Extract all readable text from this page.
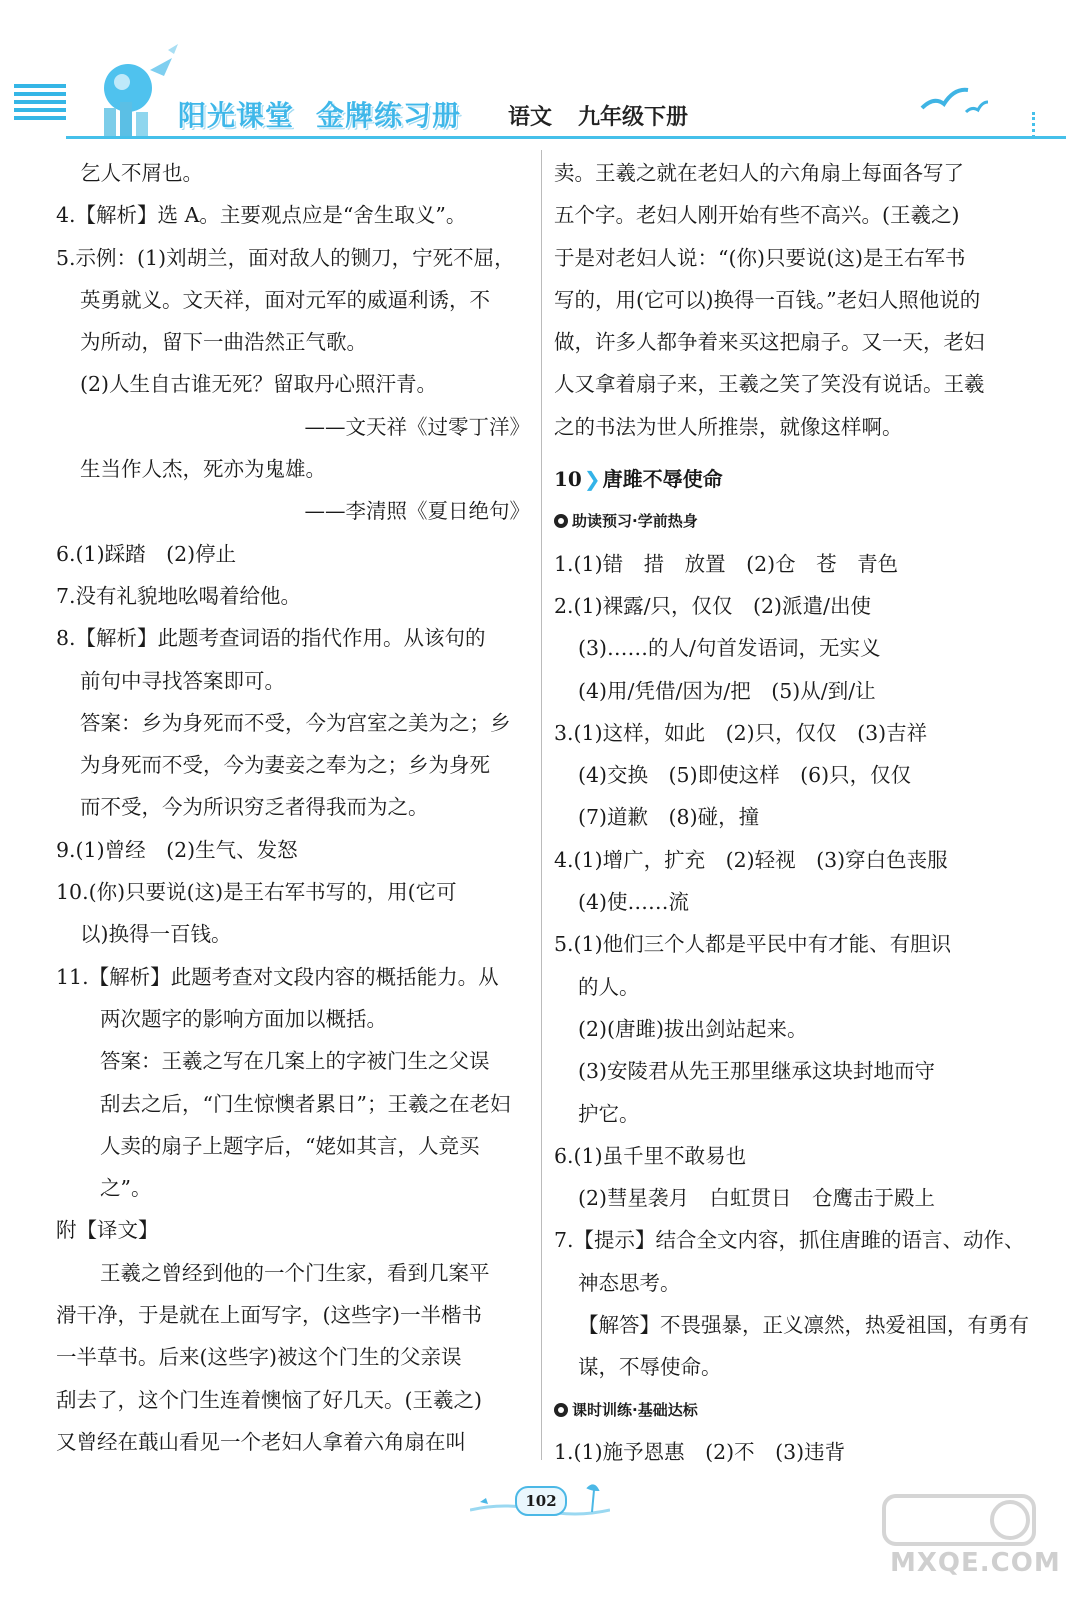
阳光课堂 金牌练习册	语文 九年级下册
乞人不屑也。
4.【解析】选 A。主要观点应是“舍生取义”。
5.示例：(1)刘胡兰，面对敌人的铡刀，宁死不屈，
英勇就义。文天祥，面对元军的威逼利诱，不
为所动，留下一曲浩然正气歌。
(2)人生自古谁无死？留取丹心照汗青。
——文天祥《过零丁洋》
生当作人杰，死亦为鬼雄。
——李清照《夏日绝句》
6.(1)踩踏　(2)停止
7.没有礼貌地吆喝着给他。
8.【解析】此题考查词语的指代作用。从该句的
前句中寻找答案即可。
答案：乡为身死而不受，今为宫室之美为之；乡
为身死而不受，今为妻妾之奉为之；乡为身死
而不受，今为所识穷乏者得我而为之。
9.(1)曾经　(2)生气、发怒
10.(你)只要说(这)是王右军书写的，用(它可
以)换得一百钱。
11.【解析】此题考查对文段内容的概括能力。从
两次题字的影响方面加以概括。
答案：王羲之写在几案上的字被门生之父误
刮去之后，“门生惊懊者累日”；王羲之在老妇
人卖的扇子上题字后，“姥如其言，人竞买
之”。
附【译文】
王羲之曾经到他的一个门生家，看到几案平
滑干净，于是就在上面写字，(这些字)一半楷书
一半草书。后来(这些字)被这个门生的父亲误
刮去了，这个门生连着懊恼了好几天。(王羲之)
又曾经在蕺山看见一个老妇人拿着六角扇在叫
卖。王羲之就在老妇人的六角扇上每面各写了
五个字。老妇人刚开始有些不高兴。(王羲之)
于是对老妇人说：“(你)只要说(这)是王右军书
写的，用(它可以)换得一百钱。”老妇人照他说的
做，许多人都争着来买这把扇子。又一天，老妇
人又拿着扇子来，王羲之笑了笑没有说话。王羲
之的书法为世人所推崇，就像这样啊。
10 ❯ 唐雎不辱使命
助读预习·学前热身
1.(1)错　措　放置　(2)仓　苍　青色
2.(1)裸露/只，仅仅　(2)派遣/出使
(3)……的人/句首发语词，无实义
(4)用/凭借/因为/把　(5)从/到/让
3.(1)这样，如此　(2)只，仅仅　(3)吉祥
(4)交换　(5)即使这样　(6)只，仅仅
(7)道歉　(8)碰，撞
4.(1)增广，扩充　(2)轻视　(3)穿白色丧服
(4)使……流
5.(1)他们三个人都是平民中有才能、有胆识
的人。
(2)(唐雎)拔出剑站起来。
(3)安陵君从先王那里继承这块封地而守
护它。
6.(1)虽千里不敢易也
(2)彗星袭月　白虹贯日　仓鹰击于殿上
7.【提示】结合全文内容，抓住唐雎的语言、动作、
神态思考。
【解答】不畏强暴，正义凛然，热爱祖国，有勇有
谋，不辱使命。
课时训练·基础达标
1.(1)施予恩惠　(2)不　(3)违背
102
MXQE.COM
